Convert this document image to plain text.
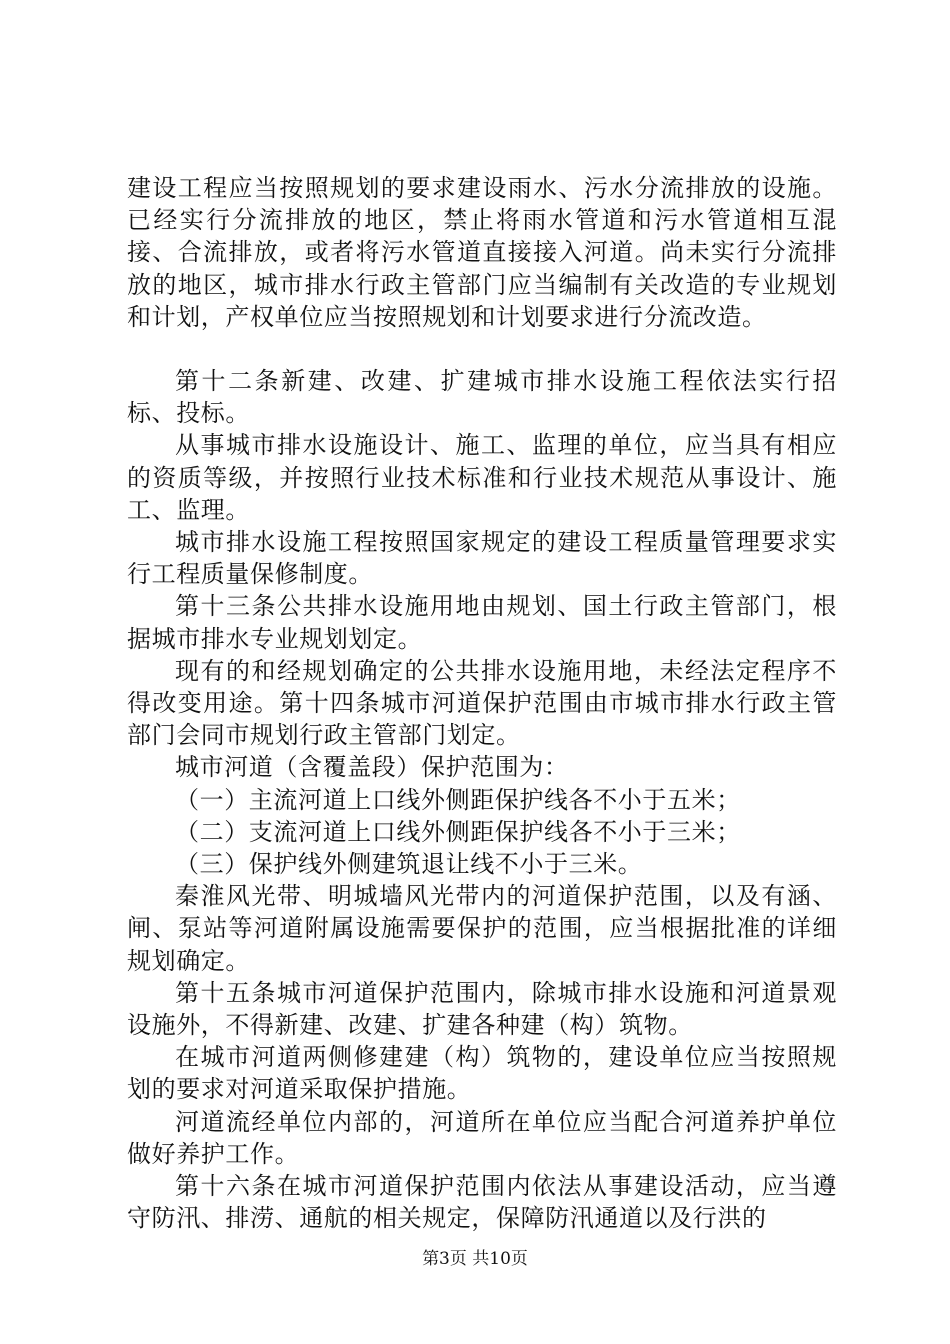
建设工程应当按照规划的要求建设雨水、污水分流排放的设施。已经实行分流排放的地区，禁止将雨水管道和污水管道相互混接、合流排放，或者将污水管道直接接入河道。尚未实行分流排放的地区，城市排水行政主管部门应当编制有关改造的专业规划和计划，产权单位应当按照规划和计划要求进行分流改造。

第十二条新建、改建、扩建城市排水设施工程依法实行招标、投标。

从事城市排水设施设计、施工、监理的单位，应当具有相应的资质等级，并按照行业技术标准和行业技术规范从事设计、施工、监理。

城市排水设施工程按照国家规定的建设工程质量管理要求实行工程质量保修制度。

第十三条公共排水设施用地由规划、国土行政主管部门，根据城市排水专业规划划定。

现有的和经规划确定的公共排水设施用地，未经法定程序不得改变用途。第十四条城市河道保护范围由市城市排水行政主管部门会同市规划行政主管部门划定。

城市河道（含覆盖段）保护范围为：

（一）主流河道上口线外侧距保护线各不小于五米；

（二）支流河道上口线外侧距保护线各不小于三米；

（三）保护线外侧建筑退让线不小于三米。

秦淮风光带、明城墙风光带内的河道保护范围，以及有涵、闸、泵站等河道附属设施需要保护的范围，应当根据批准的详细规划确定。

第十五条城市河道保护范围内，除城市排水设施和河道景观设施外，不得新建、改建、扩建各种建（构）筑物。

在城市河道两侧修建建（构）筑物的，建设单位应当按照规划的要求对河道采取保护措施。

河道流经单位内部的，河道所在单位应当配合河道养护单位做好养护工作。

第十六条在城市河道保护范围内依法从事建设活动，应当遵守防汛、排涝、通航的相关规定，保障防汛通道以及行洪的

第3页 共10页
